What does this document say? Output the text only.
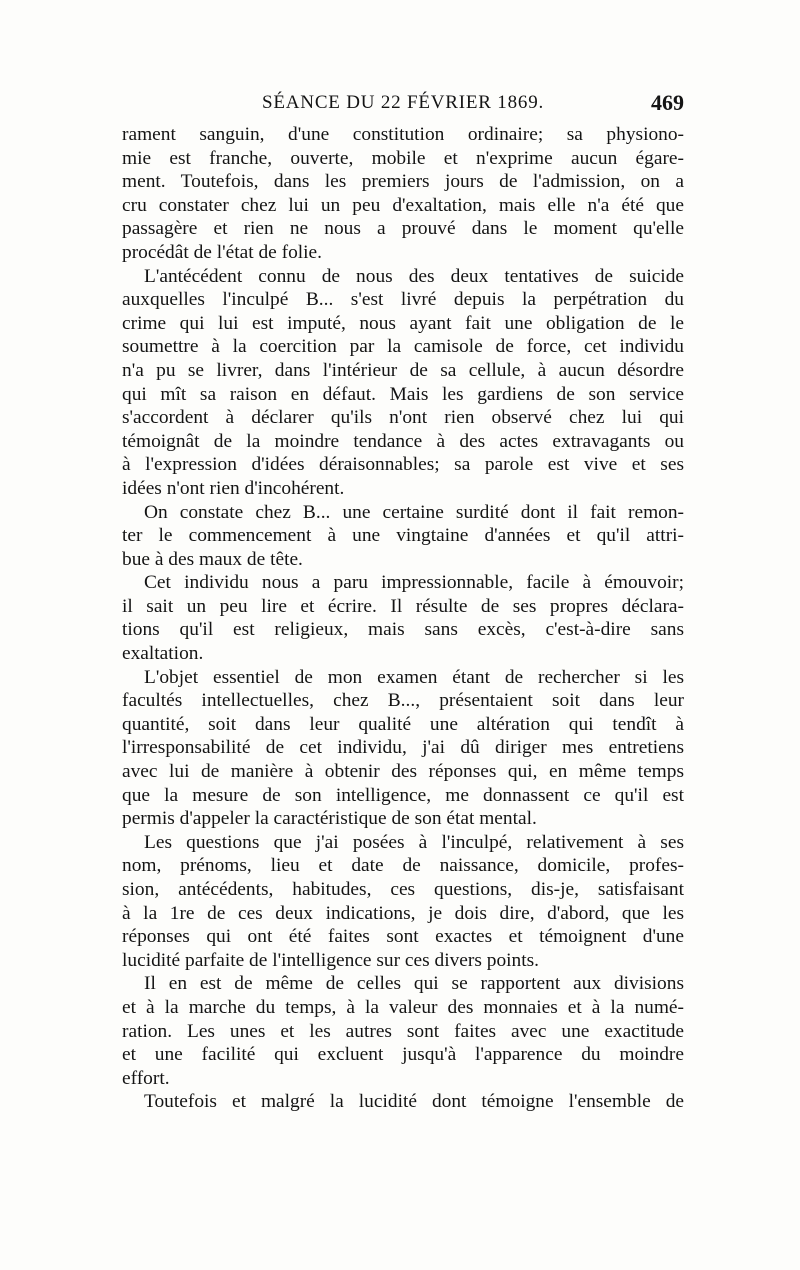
SÉANCE DU 22 FÉVRIER 1869.	469
rament sanguin, d'une constitution ordinaire; sa physiono-
mie est franche, ouverte, mobile et n'exprime aucun égare-
ment. Toutefois, dans les premiers jours de l'admission, on a
cru constater chez lui un peu d'exaltation, mais elle n'a été que
passagère et rien ne nous a prouvé dans le moment qu'elle
procédât de l'état de folie.
L'antécédent connu de nous des deux tentatives de suicide
auxquelles l'inculpé B... s'est livré depuis la perpétration du
crime qui lui est imputé, nous ayant fait une obligation de le
soumettre à la coercition par la camisole de force, cet individu
n'a pu se livrer, dans l'intérieur de sa cellule, à aucun désordre
qui mît sa raison en défaut. Mais les gardiens de son service
s'accordent à déclarer qu'ils n'ont rien observé chez lui qui
témoignât de la moindre tendance à des actes extravagants ou
à l'expression d'idées déraisonnables; sa parole est vive et ses
idées n'ont rien d'incohérent.
On constate chez B... une certaine surdité dont il fait remon-
ter le commencement à une vingtaine d'années et qu'il attri-
bue à des maux de tête.
Cet individu nous a paru impressionnable, facile à émouvoir;
il sait un peu lire et écrire. Il résulte de ses propres déclara-
tions qu'il est religieux, mais sans excès, c'est-à-dire sans
exaltation.
L'objet essentiel de mon examen étant de rechercher si les
facultés intellectuelles, chez B..., présentaient soit dans leur
quantité, soit dans leur qualité une altération qui tendît à
l'irresponsabilité de cet individu, j'ai dû diriger mes entretiens
avec lui de manière à obtenir des réponses qui, en même temps
que la mesure de son intelligence, me donnassent ce qu'il est
permis d'appeler la caractéristique de son état mental.
Les questions que j'ai posées à l'inculpé, relativement à ses
nom, prénoms, lieu et date de naissance, domicile, profes-
sion, antécédents, habitudes, ces questions, dis-je, satisfaisant
à la 1re de ces deux indications, je dois dire, d'abord, que les
réponses qui ont été faites sont exactes et témoignent d'une
lucidité parfaite de l'intelligence sur ces divers points.
Il en est de même de celles qui se rapportent aux divisions
et à la marche du temps, à la valeur des monnaies et à la numé-
ration. Les unes et les autres sont faites avec une exactitude
et une facilité qui excluent jusqu'à l'apparence du moindre
effort.
Toutefois et malgré la lucidité dont témoigne l'ensemble de
